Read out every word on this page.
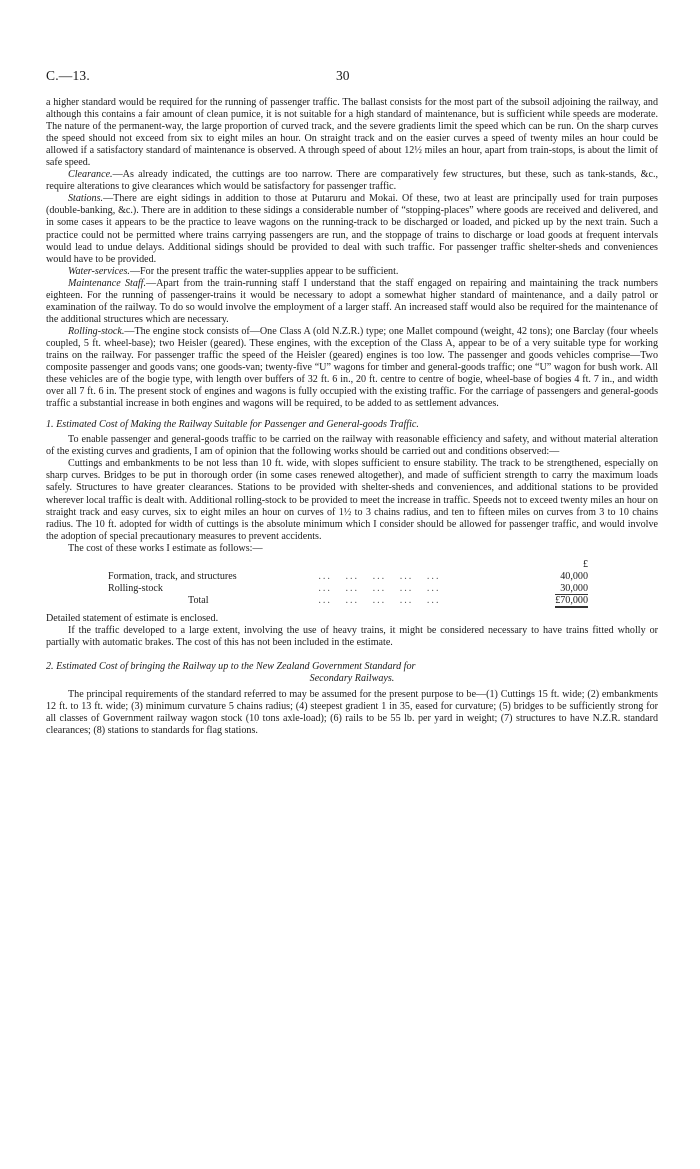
C.—13.	30

a higher standard would be required for the running of passenger traffic. The ballast consists for the most part of the subsoil adjoining the railway, and although this contains a fair amount of clean pumice, it is not suitable for a high standard of maintenance, but is sufficient while speeds are moderate. The nature of the permanent-way, the large proportion of curved track, and the severe gradients limit the speed which can be run. On the sharp curves the speed should not exceed from six to eight miles an hour. On straight track and on the easier curves a speed of twenty miles an hour could be allowed if a satisfactory standard of maintenance is observed. A through speed of about 12½ miles an hour, apart from train-stops, is about the limit of safe speed.

Clearance.—As already indicated, the cuttings are too narrow. There are comparatively few structures, but these, such as tank-stands, &c., require alterations to give clearances which would be satisfactory for passenger traffic.

Stations.—There are eight sidings in addition to those at Putaruru and Mokai. Of these, two at least are principally used for train purposes (double-banking, &c.). There are in addition to these sidings a considerable number of “stopping-places” where goods are received and delivered, and in some cases it appears to be the practice to leave wagons on the running-track to be discharged or loaded, and picked up by the next train. Such a practice could not be permitted where trains carrying passengers are run, and the stoppage of trains to discharge or load goods at frequent intervals would lead to undue delays. Additional sidings should be provided to deal with such traffic. For passenger traffic shelter-sheds and conveniences would have to be provided.

Water-services.—For the present traffic the water-supplies appear to be sufficient.

Maintenance Staff.—Apart from the train-running staff I understand that the staff engaged on repairing and maintaining the track numbers eighteen. For the running of passenger-trains it would be necessary to adopt a somewhat higher standard of maintenance, and a daily patrol or examination of the railway. To do so would involve the employment of a larger staff. An increased staff would also be required for the maintenance of the additional structures which are necessary.

Rolling-stock.—The engine stock consists of—One Class A (old N.Z.R.) type; one Mallet compound (weight, 42 tons); one Barclay (four wheels coupled, 5 ft. wheel-base); two Heisler (geared). These engines, with the exception of the Class A, appear to be of a very suitable type for working trains on the railway. For passenger traffic the speed of the Heisler (geared) engines is too low. The passenger and goods vehicles comprise—Two composite passenger and goods vans; one goods-van; twenty-five “U” wagons for timber and general-goods traffic; one “U” wagon for bush work. All these vehicles are of the bogie type, with length over buffers of 32 ft. 6 in., 20 ft. centre to centre of bogie, wheel-base of bogies 4 ft. 7 in., and width over all 7 ft. 6 in. The present stock of engines and wagons is fully occupied with the existing traffic. For the carriage of passengers and general-goods traffic a substantial increase in both engines and wagons will be required, to be added to as settlement advances.

1. Estimated Cost of Making the Railway Suitable for Passenger and General-goods Traffic.

To enable passenger and general-goods traffic to be carried on the railway with reasonable efficiency and safety, and without material alteration of the existing curves and gradients, I am of opinion that the following works should be carried out and conditions observed:—

Cuttings and embankments to be not less than 10 ft. wide, with slopes sufficient to ensure stability. The track to be strengthened, especially on sharp curves. Bridges to be put in thorough order (in some cases renewed altogether), and made of sufficient strength to carry the maximum loads safely. Structures to have greater clearances. Stations to be provided with shelter-sheds and conveniences, and additional stations to be provided wherever local traffic is dealt with. Additional rolling-stock to be provided to meet the increase in traffic. Speeds not to exceed twenty miles an hour on straight track and easy curves, six to eight miles an hour on curves of 1½ to 3 chains radius, and ten to fifteen miles on curves from 3 to 10 chains radius. The 10 ft. adopted for width of cuttings is the absolute minimum which I consider should be allowed for passenger traffic, and would involve the adoption of special precautionary measures to prevent accidents.

The cost of these works I estimate as follows:—

		£
Formation, track, and structures	...   ...   ...   ...   ...	40,000
Rolling-stock	...   ...   ...   ...   ...	30,000
Total	...   ...   ...   ...   ...	£70,000

Detailed statement of estimate is enclosed.

If the traffic developed to a large extent, involving the use of heavy trains, it might be considered necessary to have trains fitted wholly or partially with automatic brakes. The cost of this has not been included in the estimate.

2. Estimated Cost of bringing the Railway up to the New Zealand Government Standard for

Secondary Railways.

The principal requirements of the standard referred to may be assumed for the present purpose to be—(1) Cuttings 15 ft. wide; (2) embankments 12 ft. to 13 ft. wide; (3) minimum curvature 5 chains radius; (4) steepest gradient 1 in 35, eased for curvature; (5) bridges to be sufficiently strong for all classes of Government railway wagon stock (10 tons axle-load); (6) rails to be 55 lb. per yard in weight; (7) structures to have N.Z.R. standard clearances; (8) stations to standards for flag stations.
